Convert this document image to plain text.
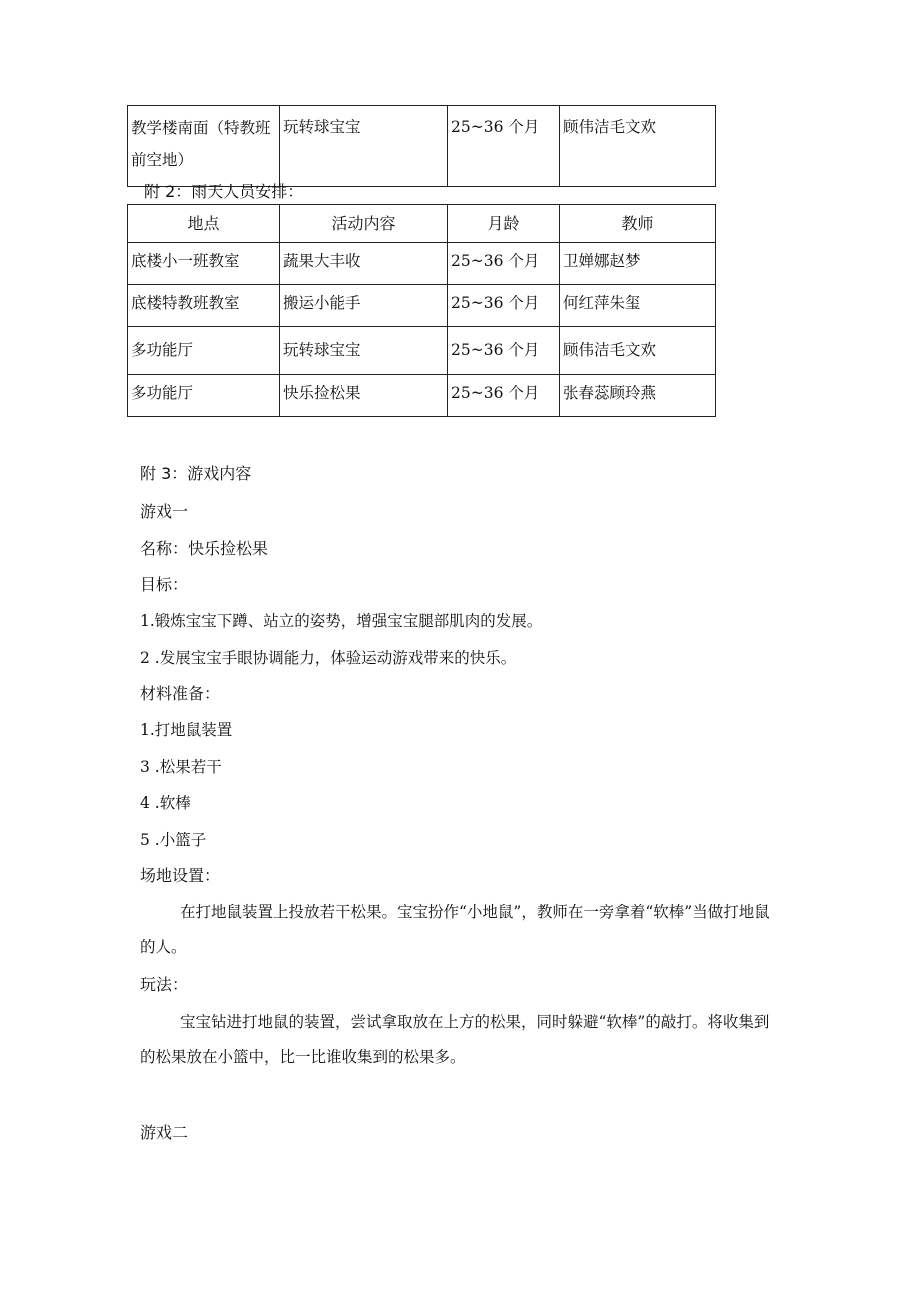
教学楼南面（特教班前空地）	玩转球宝宝	25~36 个月	顾伟洁毛文欢
附 2：雨天人员安排：
地点	活动内容	月龄	教师
底楼小一班教室	蔬果大丰收	25~36 个月	卫婵娜赵梦
底楼特教班教室	搬运小能手	25~36 个月	何红萍朱玺
多功能厅	玩转球宝宝	25~36 个月	顾伟洁毛文欢
多功能厅	快乐捡松果	25~36 个月	张春蕊顾玲燕
附 3：游戏内容
游戏一
名称：快乐捡松果
目标：
1.锻炼宝宝下蹲、站立的姿势，增强宝宝腿部肌肉的发展。
2 .发展宝宝手眼协调能力，体验运动游戏带来的快乐。
材料准备：
1.打地鼠装置
3 .松果若干
4 .软棒
5 .小篮子
场地设置：
在打地鼠装置上投放若干松果。宝宝扮作“小地鼠”，教师在一旁拿着“软棒”当做打地鼠的人。
玩法：
宝宝钻进打地鼠的装置，尝试拿取放在上方的松果，同时躲避“软棒”的敲打。将收集到的松果放在小篮中，比一比谁收集到的松果多。
游戏二
